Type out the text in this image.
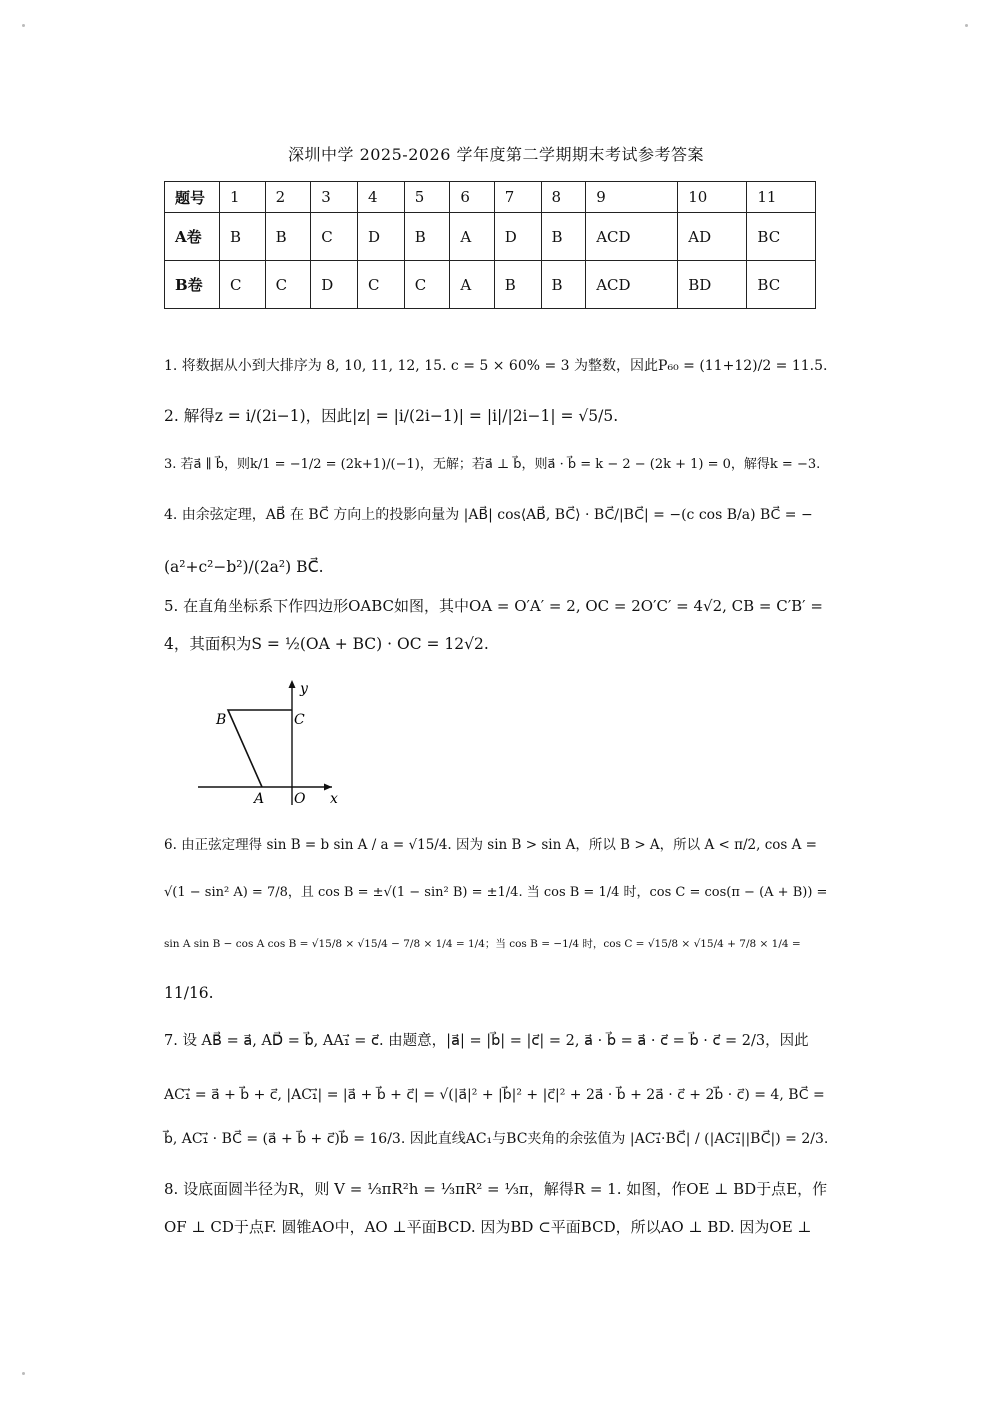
深圳中学 2025-2026 学年度第二学期期末考试参考答案
题号	1	2	3	4	5	6	7	8	9	10	11
A卷	B	B	C	D	B	A	D	B	ACD	AD	BC
B卷	C	C	D	C	C	A	B	B	ACD	BD	BC
1. 将数据从小到大排序为 8, 10, 11, 12, 15. c = 5 × 60% = 3 为整数，因此P₆₀ = (11+12)/2 = 11.5.
2. 解得z = i/(2i−1)，因此|z| = |i/(2i−1)| = |i|/|2i−1| = √5/5.
3. 若a⃗ ∥ b⃗，则k/1 = −1/2 = (2k+1)/(−1)，无解；若a⃗ ⊥ b⃗，则a⃗ · b⃗ = k − 2 − (2k + 1) = 0，解得k = −3.
4. 由余弦定理，AB⃗ 在 BC⃗ 方向上的投影向量为 |AB⃗| cos⟨AB⃗, BC⃗⟩ · BC⃗/|BC⃗| = −(c cos B/a) BC⃗ = −
(a²+c²−b²)/(2a²) BC⃗.
5. 在直角坐标系下作四边形OABC如图，其中OA = O′A′ = 2, OC = 2O′C′ = 4√2, CB = C′B′ =
4，其面积为S = ½(OA + BC) · OC = 12√2.
y
x
B	C
A O
6. 由正弦定理得 sin B = b sin A / a = √15/4. 因为 sin B > sin A，所以 B > A，所以 A < π/2, cos A =
√(1 − sin² A) = 7/8，且 cos B = ±√(1 − sin² B) = ±1/4. 当 cos B = 1/4 时，cos C = cos(π − (A + B)) =
sin A sin B − cos A cos B = √15/8 × √15/4 − 7/8 × 1/4 = 1/4；当 cos B = −1/4 时，cos C = √15/8 × √15/4 + 7/8 × 1/4 =
11/16.
7. 设 AB⃗ = a⃗, AD⃗ = b⃗, AA₁⃗ = c⃗. 由题意，|a⃗| = |b⃗| = |c⃗| = 2, a⃗ · b⃗ = a⃗ · c⃗ = b⃗ · c⃗ = 2/3，因此
AC₁⃗ = a⃗ + b⃗ + c⃗, |AC₁⃗| = |a⃗ + b⃗ + c⃗| = √(|a⃗|² + |b⃗|² + |c⃗|² + 2a⃗ · b⃗ + 2a⃗ · c⃗ + 2b⃗ · c⃗) = 4, BC⃗ =
b⃗, AC₁⃗ · BC⃗ = (a⃗ + b⃗ + c⃗)b⃗ = 16/3. 因此直线AC₁与BC夹角的余弦值为 |AC₁⃗·BC⃗| / (|AC₁⃗||BC⃗|) = 2/3.
8. 设底面圆半径为R，则 V = ⅓πR²h = ⅓πR² = ⅓π，解得R = 1. 如图，作OE ⊥ BD于点E，作
OF ⊥ CD于点F. 圆锥AO中，AO ⊥平面BCD. 因为BD ⊂平面BCD，所以AO ⊥ BD. 因为OE ⊥
